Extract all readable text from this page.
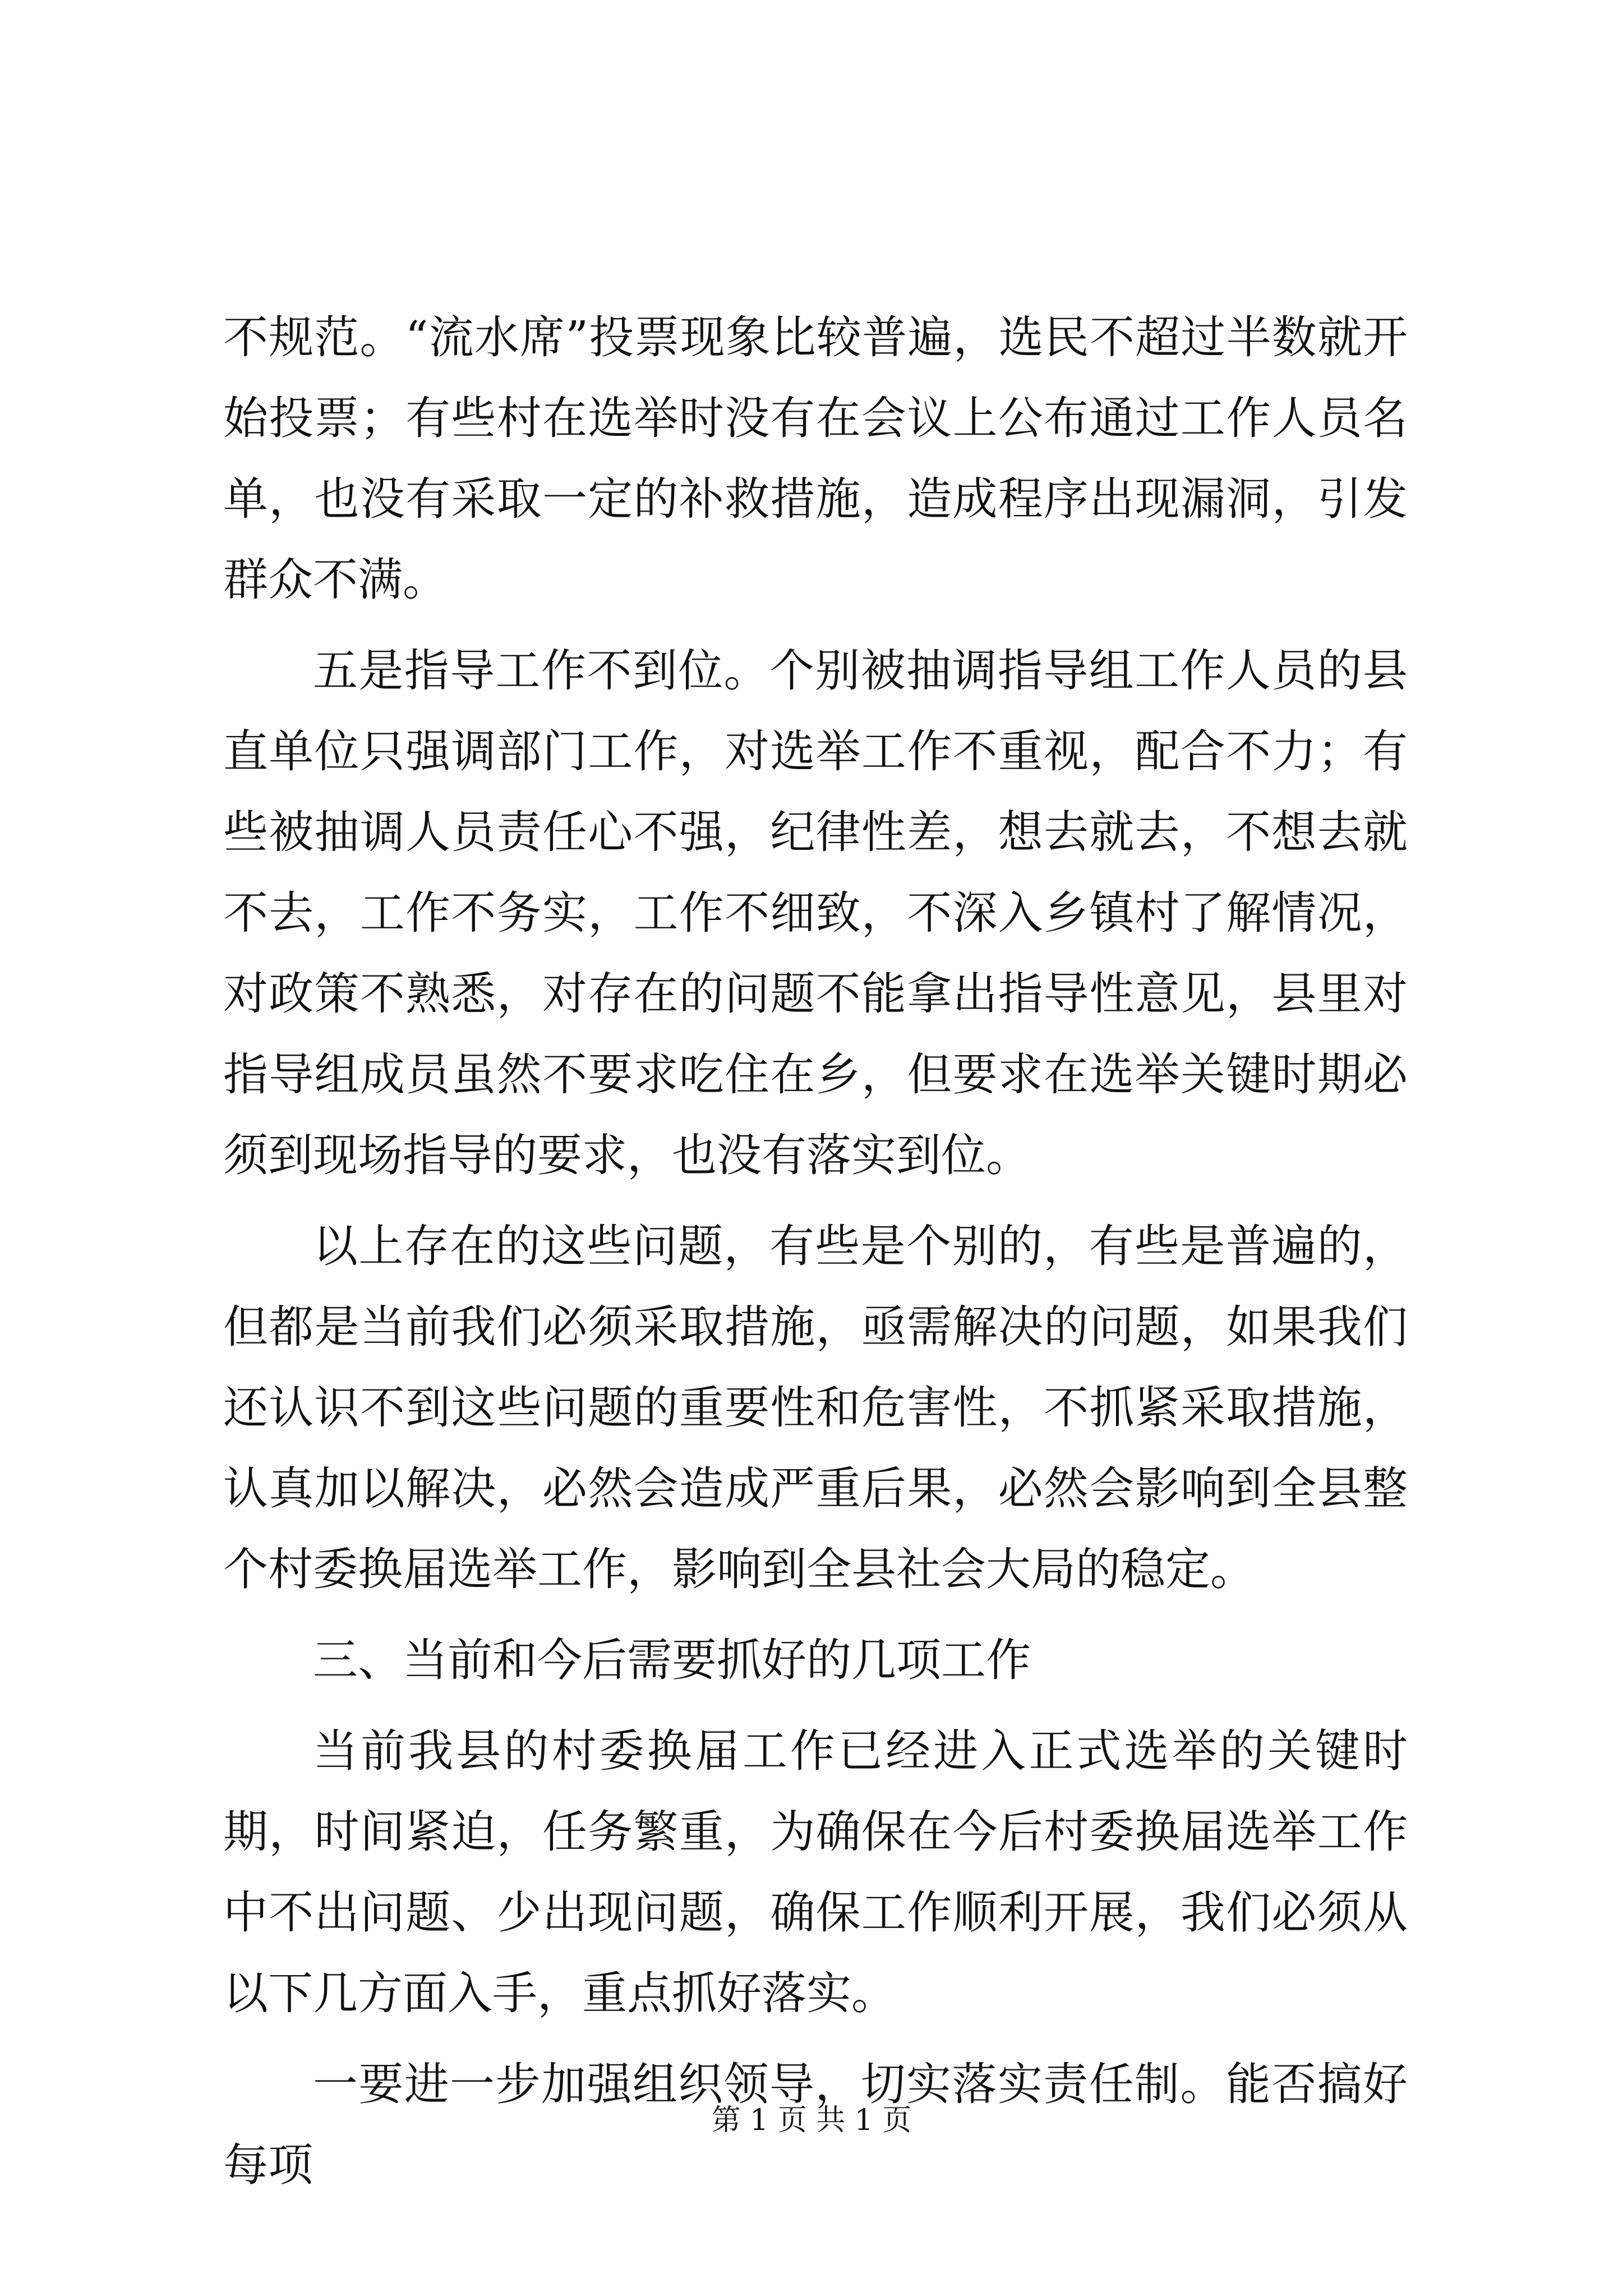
不规范。“流水席”投票现象比较普遍，选民不超过半数就开始投票；有些村在选举时没有在会议上公布通过工作人员名单，也没有采取一定的补救措施，造成程序出现漏洞，引发群众不满。

五是指导工作不到位。个别被抽调指导组工作人员的县直单位只强调部门工作，对选举工作不重视，配合不力；有些被抽调人员责任心不强，纪律性差，想去就去，不想去就不去，工作不务实，工作不细致，不深入乡镇村了解情况，对政策不熟悉，对存在的问题不能拿出指导性意见，县里对指导组成员虽然不要求吃住在乡，但要求在选举关键时期必须到现场指导的要求，也没有落实到位。

以上存在的这些问题，有些是个别的，有些是普遍的，但都是当前我们必须采取措施，亟需解决的问题，如果我们还认识不到这些问题的重要性和危害性，不抓紧采取措施，认真加以解决，必然会造成严重后果，必然会影响到全县整个村委换届选举工作，影响到全县社会大局的稳定。

三、当前和今后需要抓好的几项工作

当前我县的村委换届工作已经进入正式选举的关键时期，时间紧迫，任务繁重，为确保在今后村委换届选举工作中不出问题、少出现问题，确保工作顺利开展，我们必须从以下几方面入手，重点抓好落实。

一要进一步加强组织领导，切实落实责任制。能否搞好每项

第 1 页 共 1 页
